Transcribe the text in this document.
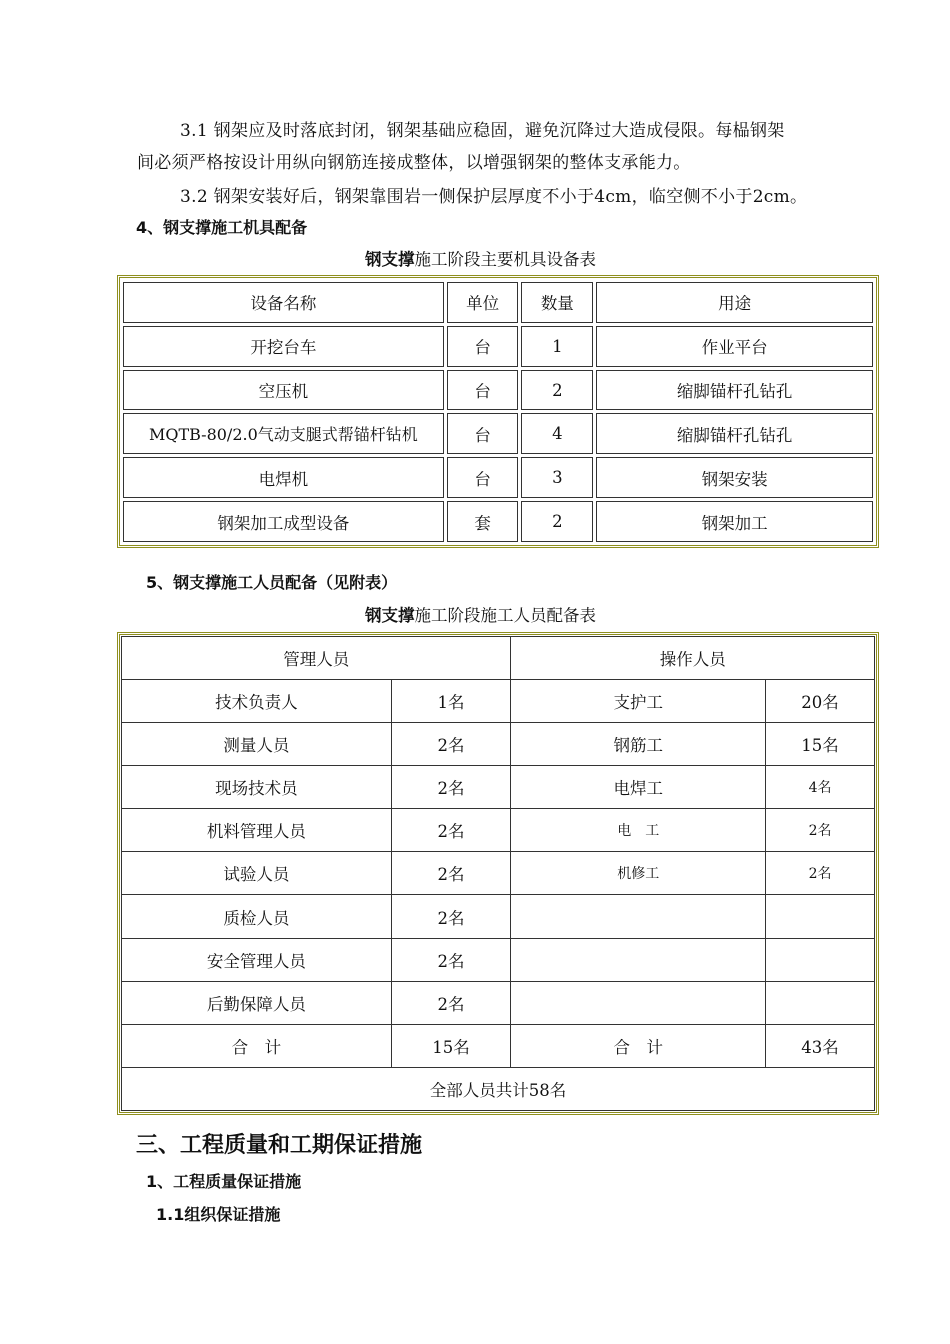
3.1 钢架应及时落底封闭，钢架基础应稳固，避免沉降过大造成侵限。每榀钢架
间必须严格按设计用纵向钢筋连接成整体，以增强钢架的整体支承能力。
3.2 钢架安装好后，钢架靠围岩一侧保护层厚度不小于4cm，临空侧不小于2cm。
4、钢支撑施工机具配备
钢支撑施工阶段主要机具设备表
设备名称	单位	数量	用途
开挖台车	台	1	作业平台
空压机	台	2	缩脚锚杆孔钻孔
MQTB-80/2.0气动支腿式帮锚杆钻机	台	4	缩脚锚杆孔钻孔
电焊机	台	3	钢架安装
钢架加工成型设备	套	2	钢架加工
5、钢支撑施工人员配备（见附表）
钢支撑施工阶段施工人员配备表
管理人员		操作人员	
技术负责人	1名	支护工	20名
测量人员	2名	钢筋工	15名
现场技术员	2名	电焊工	4名
机料管理人员	2名	电　工	2名
试验人员	2名	机修工	2名
质检人员	2名		
安全管理人员	2名		
后勤保障人员	2名		
合　计	15名	合　计	43名
全部人员共计58名			
三、工程质量和工期保证措施
1、工程质量保证措施
1.1组织保证措施
